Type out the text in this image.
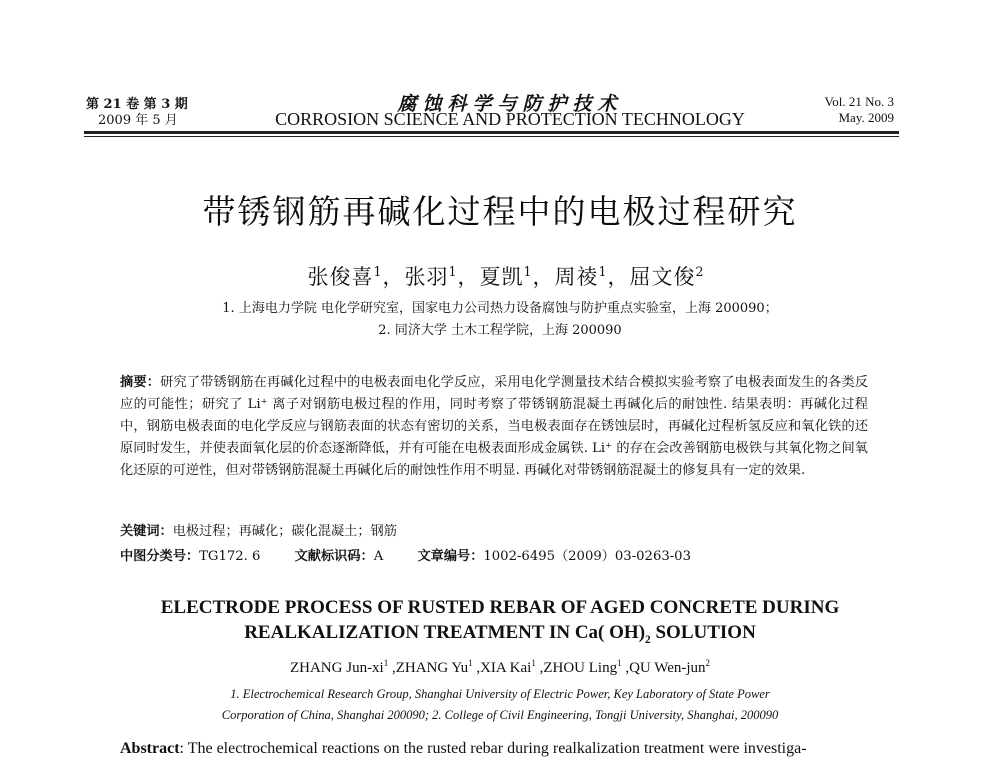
第 21 卷 第 3 期
2009 年 5 月
腐蚀科学与防护技术
CORROSION SCIENCE AND PROTECTION TECHNOLOGY
Vol. 21 No. 3
May. 2009
带锈钢筋再碱化过程中的电极过程研究
张俊喜$^1$，张羽$^1$，夏凯$^1$，周祾$^1$，屈文俊$^2$
1. 上海电力学院 电化学研究室，国家电力公司热力设备腐蚀与防护重点实验室，上海 200090；
2. 同济大学 土木工程学院，上海 200090
摘要：研究了带锈钢筋在再碱化过程中的电极表面电化学反应，采用电化学测量技术结合模拟实验考察了电极表面发生的各类反应的可能性；研究了 Li⁺ 离子对钢筋电极过程的作用，同时考察了带锈钢筋混凝土再碱化后的耐蚀性. 结果表明：再碱化过程中，钢筋电极表面的电化学反应与钢筋表面的状态有密切的关系，当电极表面存在锈蚀层时，再碱化过程析氢反应和氧化铁的还原同时发生，并使表面氧化层的价态逐渐降低，并有可能在电极表面形成金属铁. Li⁺ 的存在会改善钢筋电极铁与其氧化物之间氧化还原的可逆性，但对带锈钢筋混凝土再碱化后的耐蚀性作用不明显. 再碱化对带锈钢筋混凝土的修复具有一定的效果.
关键词：电极过程；再碱化；碳化混凝土；钢筋
中图分类号：TG172. 6	文献标识码：A	文章编号：1002-6495（2009）03-0263-03
ELECTRODE PROCESS OF RUSTED REBAR OF AGED CONCRETE DURING
REALKALIZATION TREATMENT IN Ca( $OH)_2$ SOLUTION
ZHANG Jun-$xi^1$ ,ZHANG Yu$^1$ ,XIA Kai$^1$ ,ZHOU Ling$^1$ ,QU Wen-jun$^2$
1. Electrochemical Research Group, Shanghai University of Electric Power, Key Laboratory of State Power
Corporation of China, Shanghai 200090; 2. College of Civil Engineering, Tongji University, Shanghai, 200090
Abstract: The electrochemical reactions on the rusted rebar during realkalization treatment were investiga-
